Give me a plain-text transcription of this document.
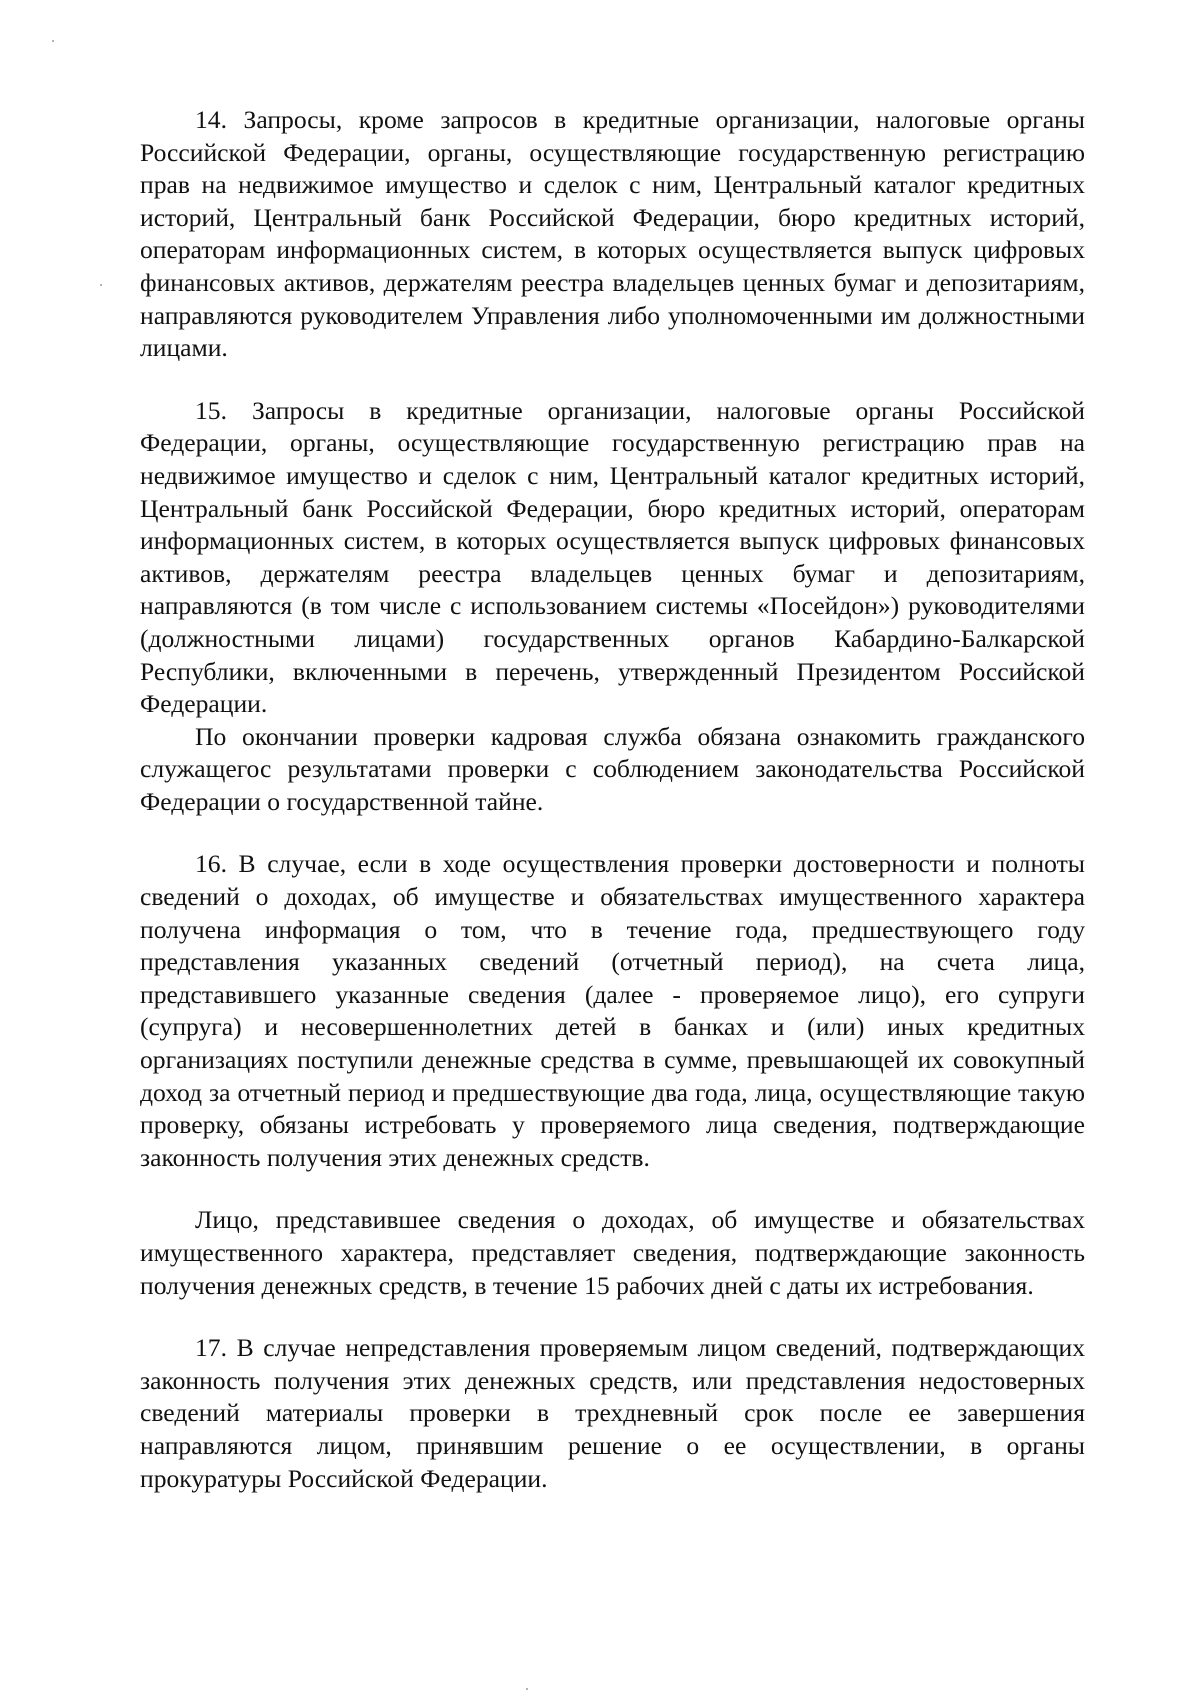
14. Запросы, кроме запросов в кредитные организации, налоговые органы Российской Федерации, органы, осуществляющие государственную регистрацию прав на недвижимое имущество и сделок с ним, Центральный каталог кредитных историй, Центральный банк Российской Федерации, бюро кредитных историй, операторам информационных систем, в которых осуществляется выпуск цифровых финансовых активов, держателям реестра владельцев ценных бумаг и депозитариям, направляются руководителем Управления либо уполномоченными им должностными лицами.

15. Запросы в кредитные организации, налоговые органы Российской Федерации, органы, осуществляющие государственную регистрацию прав на недвижимое имущество и сделок с ним, Центральный каталог кредитных историй, Центральный банк Российской Федерации, бюро кредитных историй, операторам информационных систем, в которых осуществляется выпуск цифровых финансовых активов, держателям реестра владельцев ценных бумаг и депозитариям, направляются (в том числе с использованием системы «Посейдон») руководителями (должностными лицами) государственных органов Кабардино-Балкарской Республики, включенными в перечень, утвержденный Президентом Российской Федерации.

По окончании проверки кадровая служба обязана ознакомить гражданского служащегос результатами проверки с соблюдением законодательства Российской Федерации о государственной тайне.

16. В случае, если в ходе осуществления проверки достоверности и полноты сведений о доходах, об имуществе и обязательствах имущественного характера получена информация о том, что в течение года, предшествующего году представления указанных сведений (отчетный период), на счета лица, представившего указанные сведения (далее - проверяемое лицо), его супруги (супруга) и несовершеннолетних детей в банках и (или) иных кредитных организациях поступили денежные средства в сумме, превышающей их совокупный доход за отчетный период и предшествующие два года, лица, осуществляющие такую проверку, обязаны истребовать у проверяемого лица сведения, подтверждающие законность получения этих денежных средств.

Лицо, представившее сведения о доходах, об имуществе и обязательствах имущественного характера, представляет сведения, подтверждающие законность получения денежных средств, в течение 15 рабочих дней с даты их истребования.

17. В случае непредставления проверяемым лицом сведений, подтверждающих законность получения этих денежных средств, или представления недостоверных сведений материалы проверки в трехдневный срок после ее завершения направляются лицом, принявшим решение о ее осуществлении, в органы прокуратуры Российской Федерации.
